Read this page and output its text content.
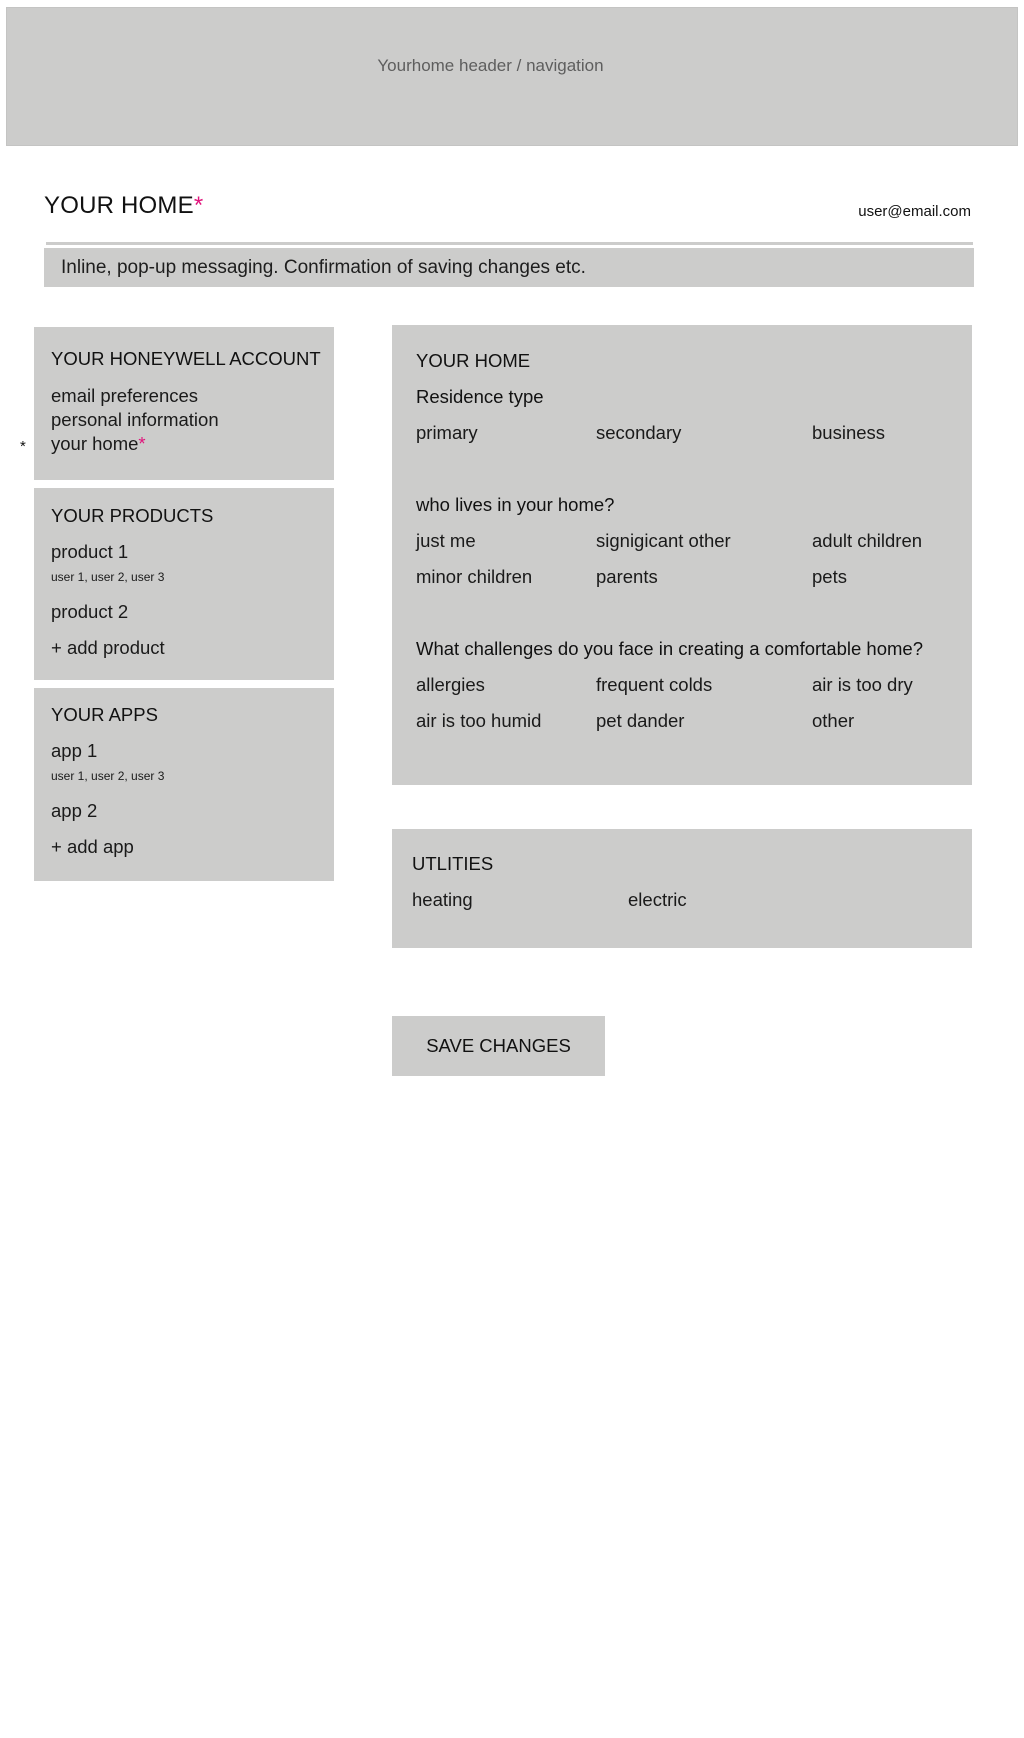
Yourhome header / navigation
YOUR HOME*	user@email.com
Inline, pop-up messaging. Confirmation of saving changes etc.
*
YOUR HONEYWELL ACCOUNT
email preferences
personal information
your home*
YOUR PRODUCTS
product 1
user 1, user 2, user 3
product 2
+ add product
YOUR APPS
app 1
user 1, user 2, user 3
app 2
+ add app
YOUR HOME
Residence type
primary	secondary	business
who lives in your home?
just me	signigicant other	adult children
minor children	parents	pets
What challenges do you face in creating a comfortable home?
allergies	frequent colds	air is too dry
air is too humid	pet dander	other
UTLITIES
heating	electric
SAVE CHANGES
